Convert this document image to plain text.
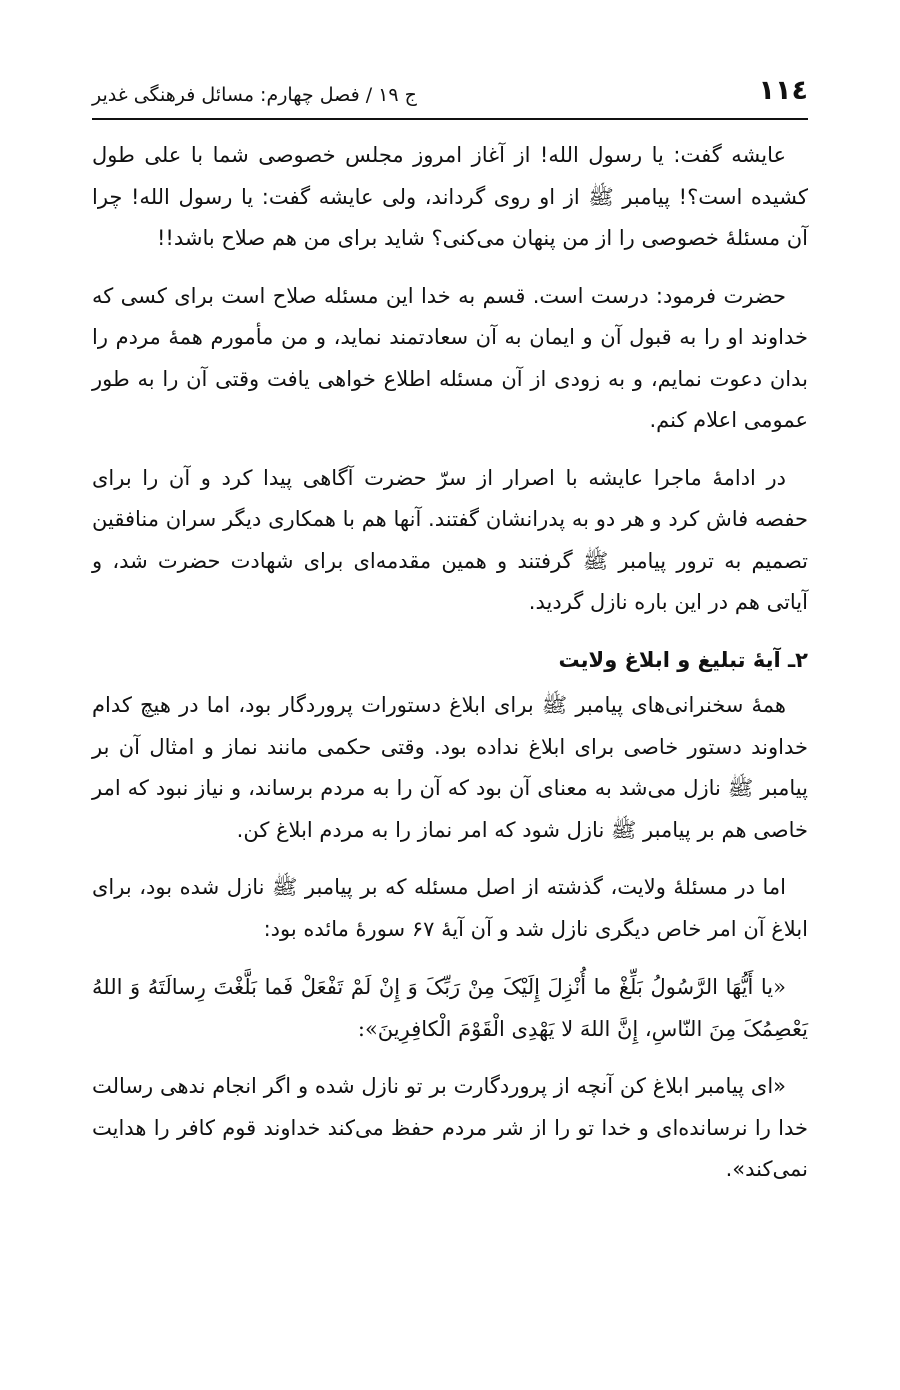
۱۱٤
ج ۱۹ / فصل چهارم: مسائل فرهنگی غدیر

عایشه گفت: یا رسول الله! از آغاز امروز مجلس خصوصی شما با علی طول کشیده است؟! پیامبر ﷺ از او روی گرداند، ولی عایشه گفت: یا رسول الله! چرا آن مسئلهٔ خصوصی را از من پنهان می‌کنی؟ شاید برای من هم صلاح باشد!!

حضرت فرمود: درست است. قسم به خدا این مسئله صلاح است برای کسی که خداوند او را به قبول آن و ایمان به آن سعادتمند نماید، و من مأمورم همهٔ مردم را بدان دعوت نمایم، و به زودی از آن مسئله اطلاع خواهی یافت وقتی آن را به طور عمومی اعلام کنم.

در ادامهٔ ماجرا عایشه با اصرار از سرّ حضرت آگاهی پیدا کرد و آن را برای حفصه فاش کرد و هر دو به پدرانشان گفتند. آنها هم با همکاری دیگر سران منافقین تصمیم به ترور پیامبر ﷺ گرفتند و همین مقدمه‌ای برای شهادت حضرت شد، و آیاتی هم در این باره نازل گردید.

۲ـ آیهٔ تبلیغ و ابلاغ ولایت

همهٔ سخنرانی‌های پیامبر ﷺ برای ابلاغ دستورات پروردگار بود، اما در هیچ کدام خداوند دستور خاصی برای ابلاغ نداده بود. وقتی حکمی مانند نماز و امثال آن بر پیامبر ﷺ نازل می‌شد به معنای آن بود که آن را به مردم برساند، و نیاز نبود که امر خاصی هم بر پیامبر ﷺ نازل شود که امر نماز را به مردم ابلاغ کن.

اما در مسئلهٔ ولایت، گذشته از اصل مسئله که بر پیامبر ﷺ نازل شده بود، برای ابلاغ آن امر خاص دیگری نازل شد و آن آیهٔ ۶۷ سورهٔ مائده بود:

«یا أَیُّهَا الرَّسُولُ بَلِّغْ ما أُنْزِلَ إِلَیْکَ مِنْ رَبِّکَ وَ إِنْ لَمْ تَفْعَلْ فَما بَلَّغْتَ رِسالَتَهُ وَ اللهُ یَعْصِمُکَ مِنَ النّاسِ، إِنَّ اللهَ لا یَهْدِی الْقَوْمَ الْکافِرِینَ»:

«ای پیامبر ابلاغ کن آنچه از پروردگارت بر تو نازل شده و اگر انجام ندهی رسالت خدا را نرسانده‌ای و خدا تو را از شر مردم حفظ می‌کند خداوند قوم کافر را هدایت نمی‌کند».
